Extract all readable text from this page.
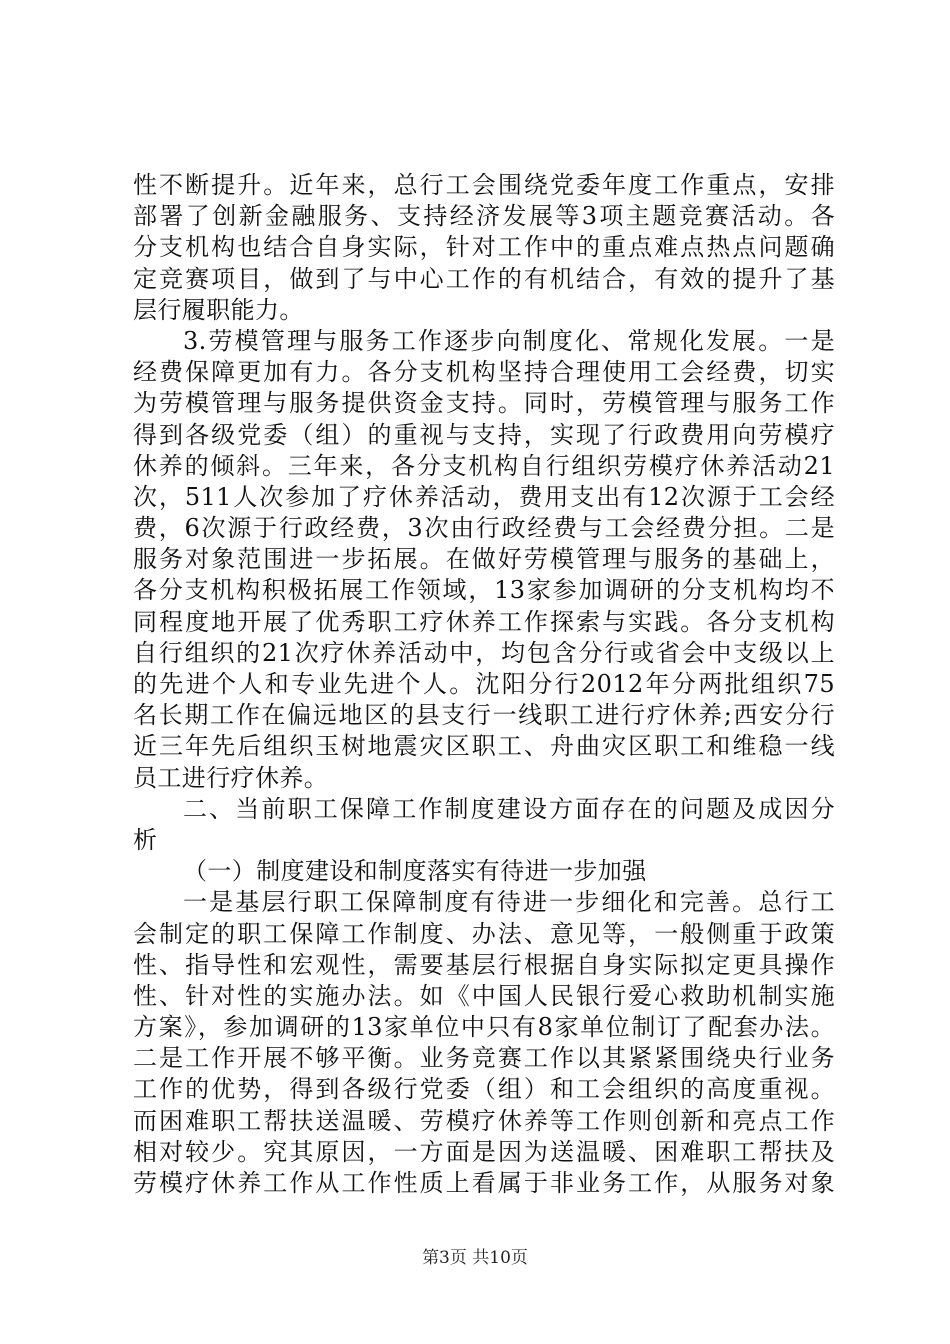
性不断提升。近年来，总行工会围绕党委年度工作重点，安排
部署了创新金融服务、支持经济发展等3项主题竞赛活动。各
分支机构也结合自身实际，针对工作中的重点难点热点问题确
定竞赛项目，做到了与中心工作的有机结合，有效的提升了基
层行履职能力。
3.劳模管理与服务工作逐步向制度化、常规化发展。一是
经费保障更加有力。各分支机构坚持合理使用工会经费，切实
为劳模管理与服务提供资金支持。同时，劳模管理与服务工作
得到各级党委（组）的重视与支持，实现了行政费用向劳模疗
休养的倾斜。三年来，各分支机构自行组织劳模疗休养活动21
次，511人次参加了疗休养活动，费用支出有12次源于工会经
费，6次源于行政经费，3次由行政经费与工会经费分担。二是
服务对象范围进一步拓展。在做好劳模管理与服务的基础上，
各分支机构积极拓展工作领域，13家参加调研的分支机构均不
同程度地开展了优秀职工疗休养工作探索与实践。各分支机构
自行组织的21次疗休养活动中，均包含分行或省会中支级以上
的先进个人和专业先进个人。沈阳分行2012年分两批组织75
名长期工作在偏远地区的县支行一线职工进行疗休养;西安分行
近三年先后组织玉树地震灾区职工、舟曲灾区职工和维稳一线
员工进行疗休养。
二、当前职工保障工作制度建设方面存在的问题及成因分
析
（一）制度建设和制度落实有待进一步加强
一是基层行职工保障制度有待进一步细化和完善。总行工
会制定的职工保障工作制度、办法、意见等，一般侧重于政策
性、指导性和宏观性，需要基层行根据自身实际拟定更具操作
性、针对性的实施办法。如《中国人民银行爱心救助机制实施
方案》，参加调研的13家单位中只有8家单位制订了配套办法。
二是工作开展不够平衡。业务竞赛工作以其紧紧围绕央行业务
工作的优势，得到各级行党委（组）和工会组织的高度重视。
而困难职工帮扶送温暖、劳模疗休养等工作则创新和亮点工作
相对较少。究其原因，一方面是因为送温暖、困难职工帮扶及
劳模疗休养工作从工作性质上看属于非业务工作，从服务对象
第3页 共10页
